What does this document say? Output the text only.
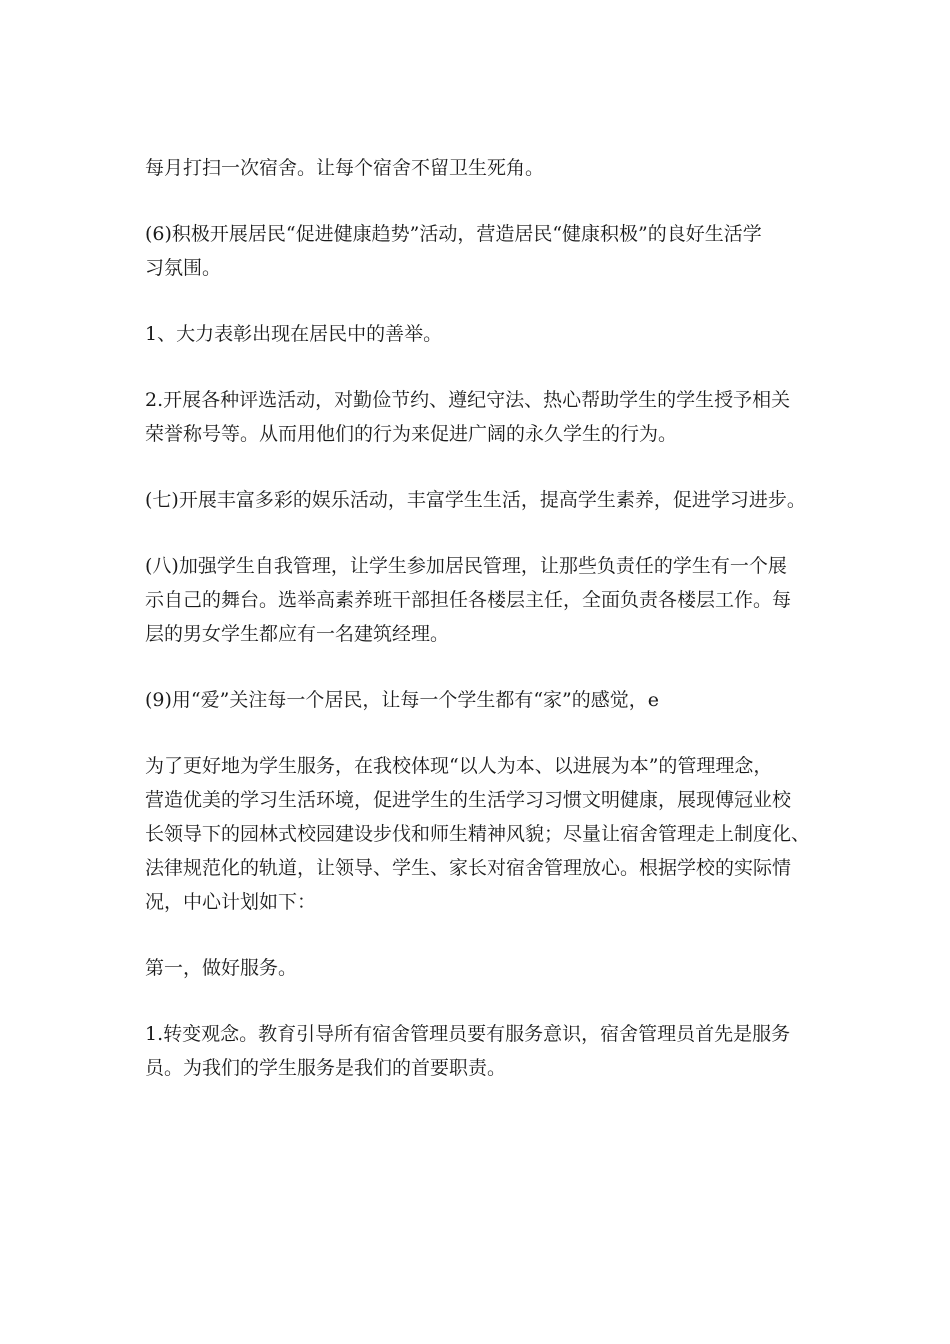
每月打扫一次宿舍。让每个宿舍不留卫生死角。

(6)积极开展居民“促进健康趋势”活动，营造居民“健康积极”的良好生活学
习氛围。

1、大力表彰出现在居民中的善举。

2.开展各种评选活动，对勤俭节约、遵纪守法、热心帮助学生的学生授予相关
荣誉称号等。从而用他们的行为来促进广阔的永久学生的行为。

(七)开展丰富多彩的娱乐活动，丰富学生生活，提高学生素养，促进学习进步。

(八)加强学生自我管理，让学生参加居民管理，让那些负责任的学生有一个展
示自己的舞台。选举高素养班干部担任各楼层主任，全面负责各楼层工作。每
层的男女学生都应有一名建筑经理。

(9)用“爱”关注每一个居民，让每一个学生都有“家”的感觉，e

为了更好地为学生服务，在我校体现“以人为本、以进展为本”的管理理念，
营造优美的学习生活环境，促进学生的生活学习习惯文明健康，展现傅冠业校
长领导下的园林式校园建设步伐和师生精神风貌；尽量让宿舍管理走上制度化、
法律规范化的轨道，让领导、学生、家长对宿舍管理放心。根据学校的实际情
况，中心计划如下：

第一，做好服务。

1.转变观念。教育引导所有宿舍管理员要有服务意识，宿舍管理员首先是服务
员。为我们的学生服务是我们的首要职责。
